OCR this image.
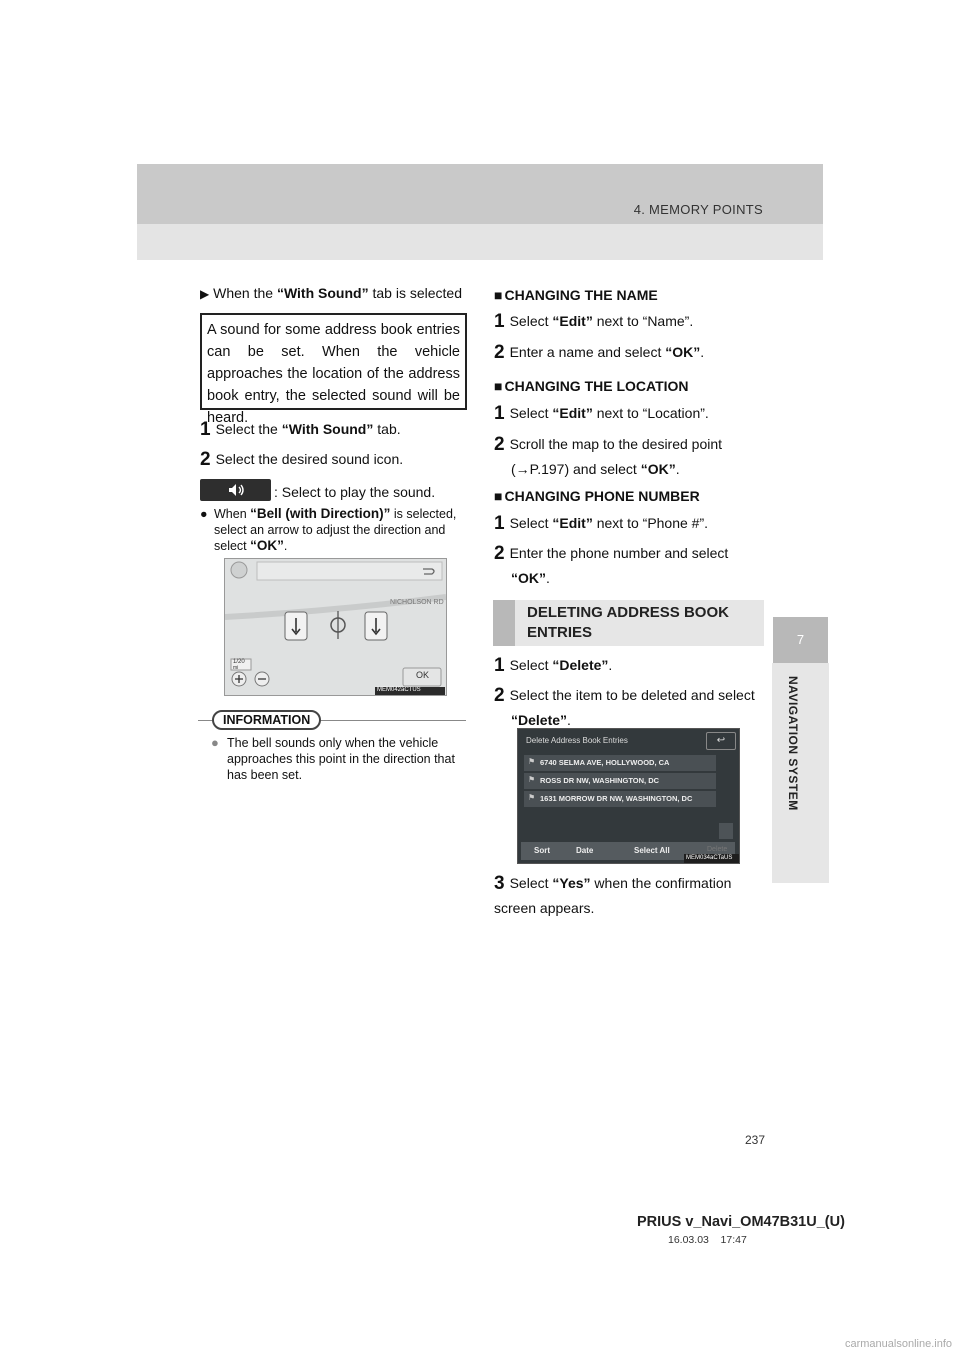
4. MEMORY POINTS
7
NAVIGATION SYSTEM
▶ When the “With Sound” tab is selected
A sound for some address book entries can be set. When the vehicle approaches the location of the address book entry, the selected sound will be heard.
1 Select the “With Sound” tab.
2 Select the desired sound icon.
: Select to play the sound.
● When “Bell (with Direction)” is selected, select an arrow to adjust the direction and select “OK”.
NICHOLSON RD
OK
1/20
mi
MEM042aCTUS
INFORMATION
● The bell sounds only when the vehicle approaches this point in the direction that has been set.
■ CHANGING THE NAME
1 Select “Edit” next to “Name”.
2 Enter a name and select “OK”.
■ CHANGING THE LOCATION
1 Select “Edit” next to “Location”.
2 Scroll the map to the desired point
(→P.197) and select “OK”.
■ CHANGING PHONE NUMBER
1 Select “Edit” next to “Phone #”.
2 Enter the phone number and select
“OK”.
DELETING ADDRESS BOOK ENTRIES
1 Select “Delete”.
2 Select the item to be deleted and select
“Delete”.
Delete Address Book Entries	↩
⚑ 6740 SELMA AVE, HOLLYWOOD, CA
⚑ ROSS DR NW, WASHINGTON, DC
⚑ 1631 MORROW DR NW, WASHINGTON, DC
Sort	Date	Select All	Delete
MEM034aCTaUS
3 Select “Yes” when the confirmation screen appears.
237
PRIUS v_Navi_OM47B31U_(U)
16.03.03 17:47
carmanualsonline.info
